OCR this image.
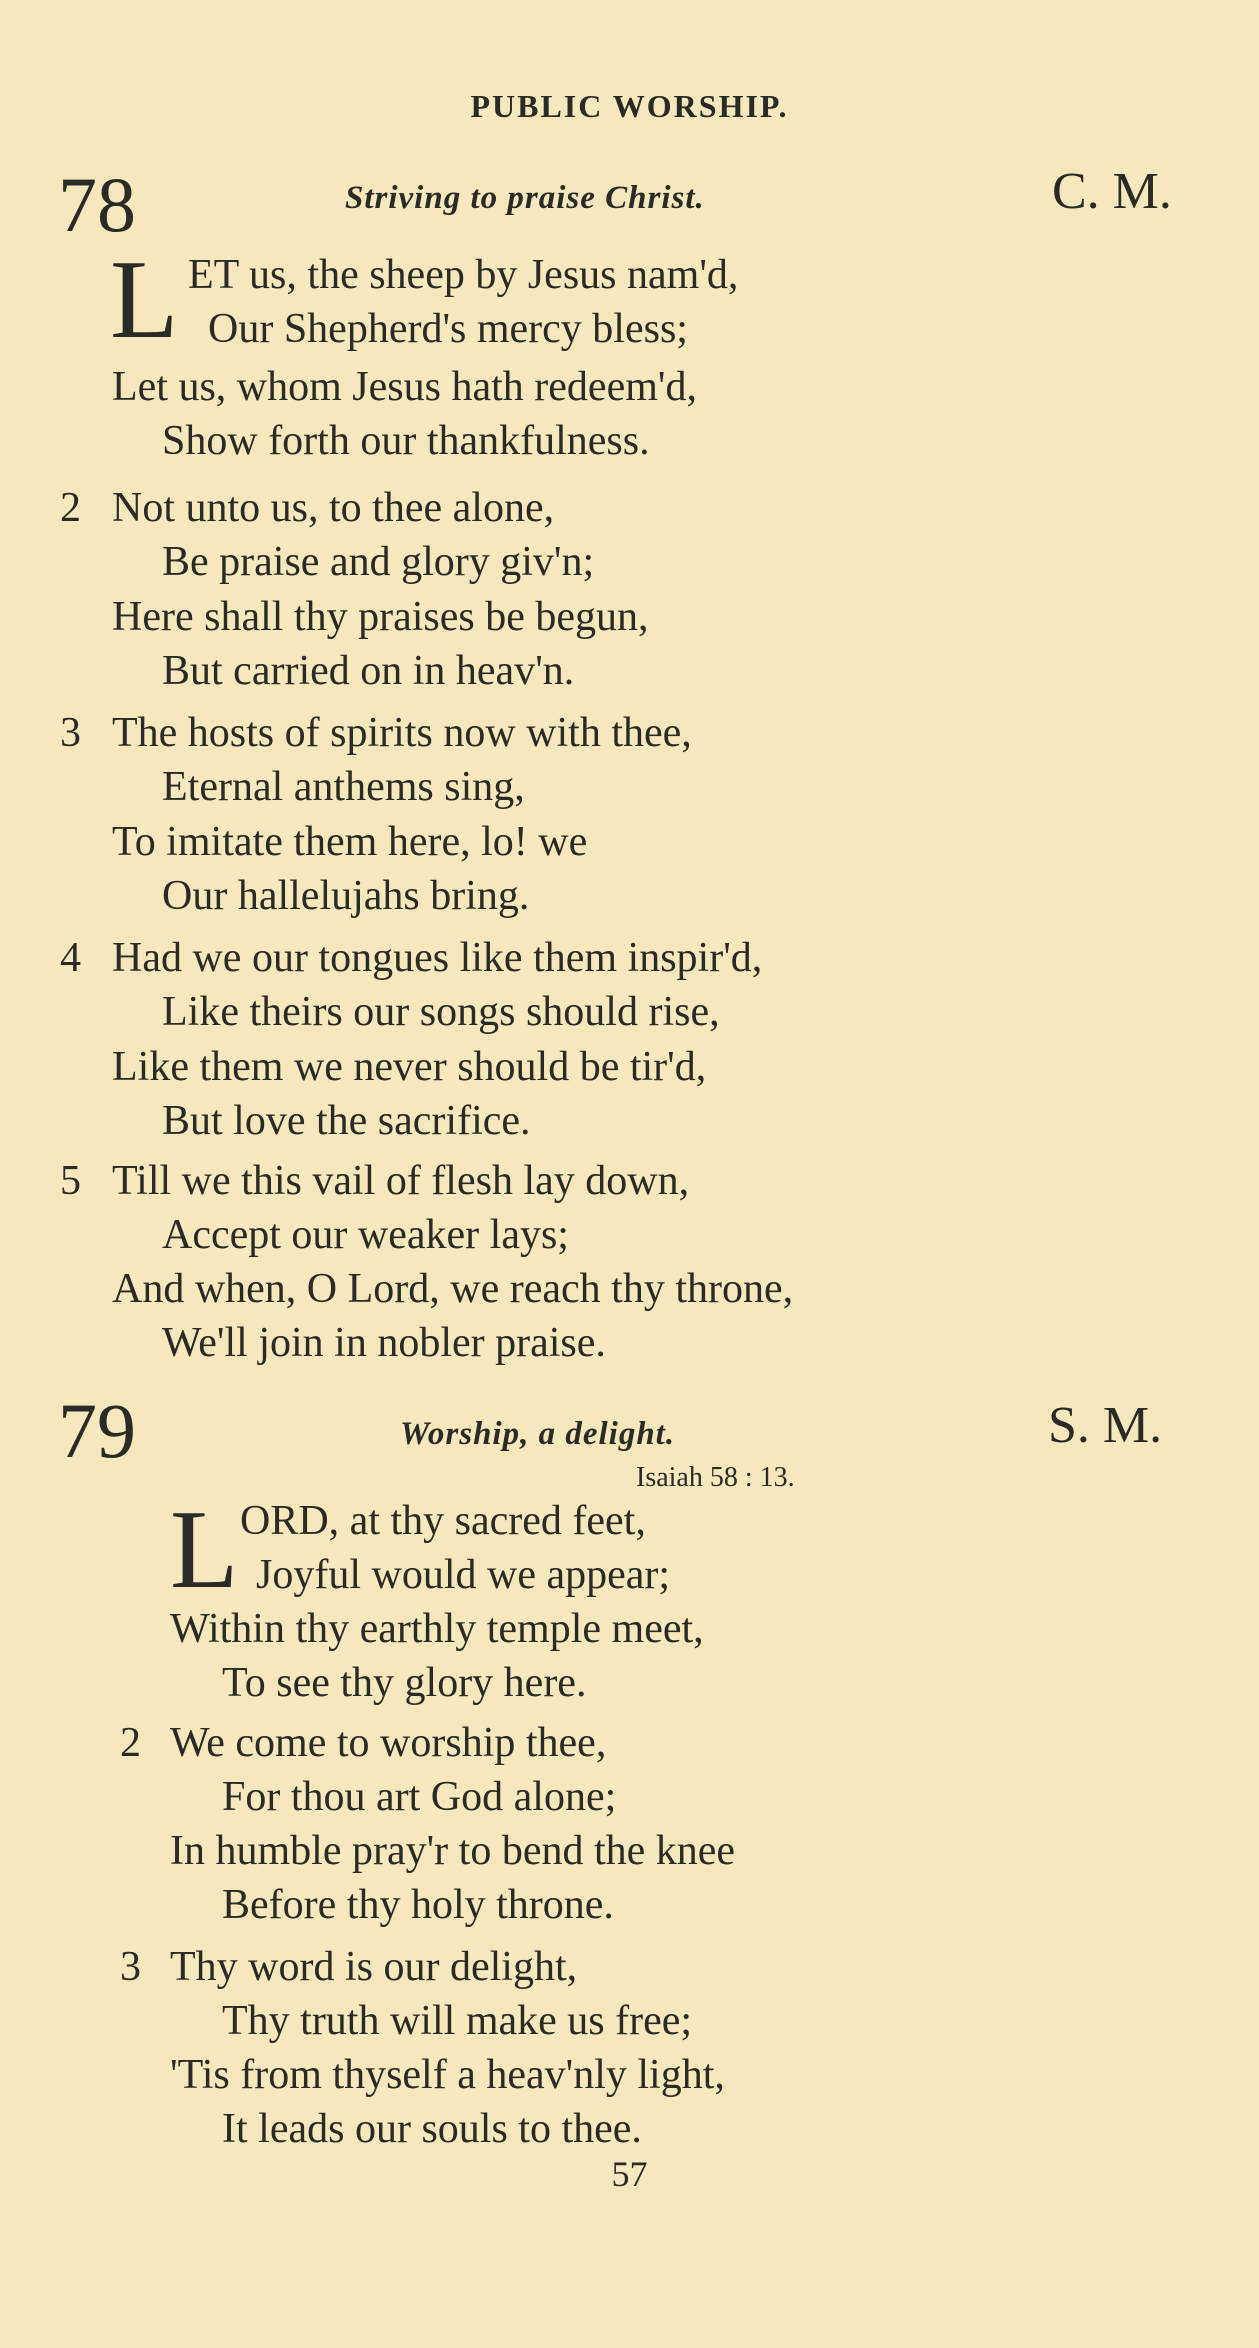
PUBLIC WORSHIP.
78	Striving to praise Christ.	C. M.
L ET us, the sheep by Jesus nam'd,
Our Shepherd's mercy bless;
Let us, whom Jesus hath redeem'd,
Show forth our thankfulness.
2 Not unto us, to thee alone,
Be praise and glory giv'n;
Here shall thy praises be begun,
But carried on in heav'n.
3 The hosts of spirits now with thee,
Eternal anthems sing,
To imitate them here, lo! we
Our hallelujahs bring.
4 Had we our tongues like them inspir'd,
Like theirs our songs should rise,
Like them we never should be tir'd,
But love the sacrifice.
5 Till we this vail of flesh lay down,
Accept our weaker lays;
And when, O Lord, we reach thy throne,
We'll join in nobler praise.
79	Worship, a delight.	S. M.
Isaiah 58 : 13.
L ORD, at thy sacred feet,
Joyful would we appear;
Within thy earthly temple meet,
To see thy glory here.
2 We come to worship thee,
For thou art God alone;
In humble pray'r to bend the knee
Before thy holy throne.
3 Thy word is our delight,
Thy truth will make us free;
'Tis from thyself a heav'nly light,
It leads our souls to thee.
57
